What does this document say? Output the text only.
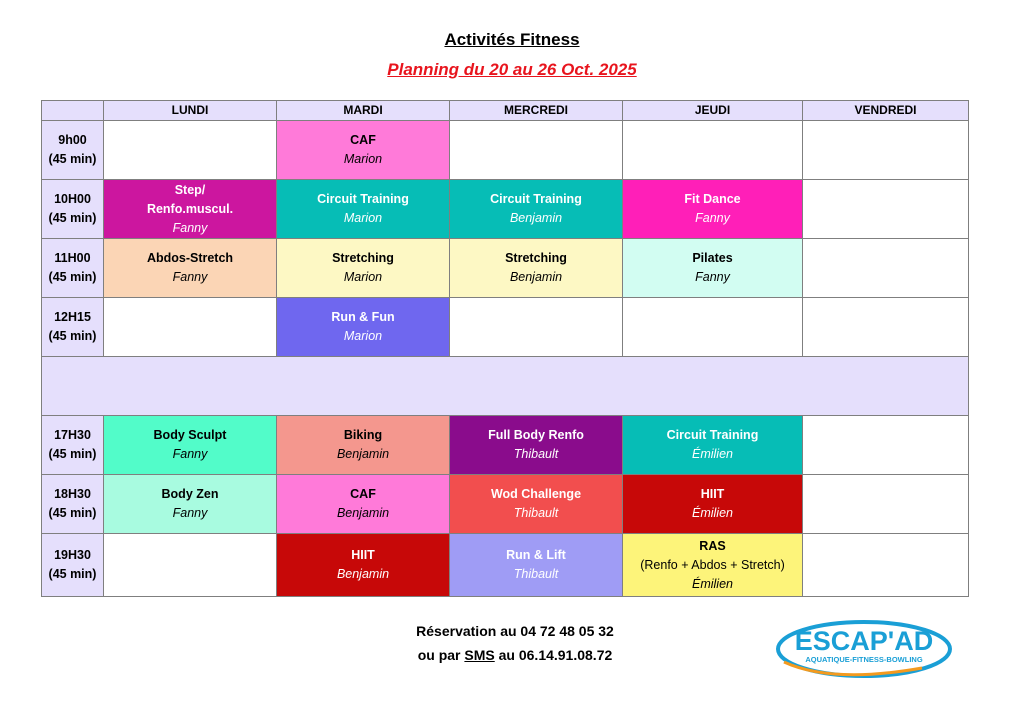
Activités Fitness
Planning du 20 au 26 Oct. 2025
	LUNDI	MARDI	MERCREDI	JEUDI	VENDREDI

9h00
(45 min)		CAF
Marion			

10H00
(45 min)	Step/
Renfo.muscul.
Fanny	Circuit Training
Marion	Circuit Training
Benjamin	Fit Dance
Fanny	

11H00
(45 min)	Abdos-Stretch
Fanny	Stretching
Marion	Stretching
Benjamin	Pilates
Fanny	

12H15
(45 min)		Run & Fun
Marion			

17H30
(45 min)	Body Sculpt
Fanny	Biking
Benjamin	Full Body Renfo
Thibault	Circuit Training
Émilien	

18H30
(45 min)	Body Zen
Fanny	CAF
Benjamin	Wod Challenge
Thibault	HIIT
Émilien	

19H30
(45 min)		HIIT
Benjamin	Run & Lift
Thibault	RAS
(Renfo + Abdos + Stretch)
Émilien	

Réservation au 04 72 48 05 32
ou par SMS au 06.14.91.08.72	ESCAP'AD
AQUATIQUE-FITNESS-BOWLING
